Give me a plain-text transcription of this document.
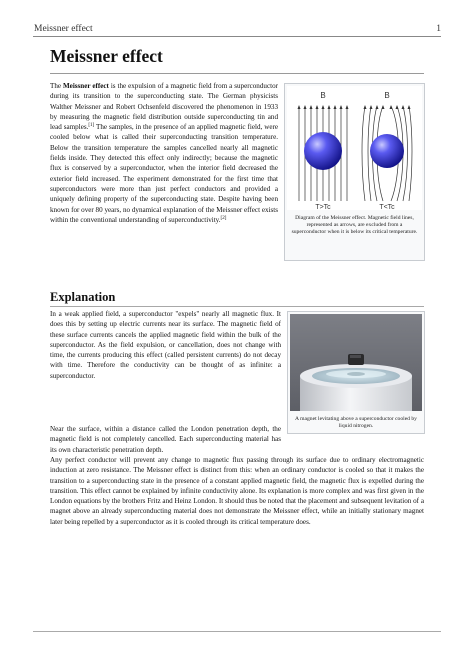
Meissner effect	1
Meissner effect

The Meissner effect is the expulsion of a magnetic field from a superconductor during its transition to the superconducting state. The German physicists Walther Meissner and Robert Ochsenfeld discovered the phenomenon in 1933 by measuring the magnetic field distribution outside superconducting tin and lead samples.[1] The samples, in the presence of an applied magnetic field, were cooled below what is called their superconducting transition temperature. Below the transition temperature the samples cancelled nearly all magnetic fields inside. They detected this effect only indirectly; because the magnetic flux is conserved by a superconductor, when the interior field decreased the exterior field increased. The experiment demonstrated for the first time that superconductors were more than just perfect conductors and provided a uniquely defining property of the superconducting state. Despite having been known for over 80 years, no dynamical explanation of the Meissner effect exists within the conventional understanding of superconductivity.[2]

B	B
T>Tc	T<Tc
Diagram of the Meissner effect. Magnetic field lines, represented as arrows, are excluded from a superconductor when it is below its critical temperature.
Explanation

In a weak applied field, a superconductor "expels" nearly all magnetic flux. It does this by setting up electric currents near its surface. The magnetic field of these surface currents cancels the applied magnetic field within the bulk of the superconductor. As the field expulsion, or cancellation, does not change with time, the currents producing this effect (called persistent currents) do not decay with time. Therefore the conductivity can be thought of as infinite: a superconductor.

Near the surface, within a distance called the London penetration depth, the magnetic field is not completely cancelled. Each superconducting material has its own characteristic penetration depth.

Any perfect conductor will prevent any change to magnetic flux passing through its surface due to ordinary electromagnetic induction at zero resistance. The Meissner effect is distinct from this: when an ordinary conductor is cooled so that it makes the transition to a superconducting state in the presence of a constant applied magnetic field, the magnetic flux is expelled during the transition. This effect cannot be explained by infinite conductivity alone. Its explanation is more complex and was first given in the London equations by the brothers Fritz and Heinz London. It should thus be noted that the placement and subsequent levitation of a magnet above an already superconducting material does not demonstrate the Meissner effect, while an initially stationary magnet later being repelled by a superconductor as it is cooled through its critical temperature does.

A magnet levitating above a superconductor cooled by liquid nitrogen.
